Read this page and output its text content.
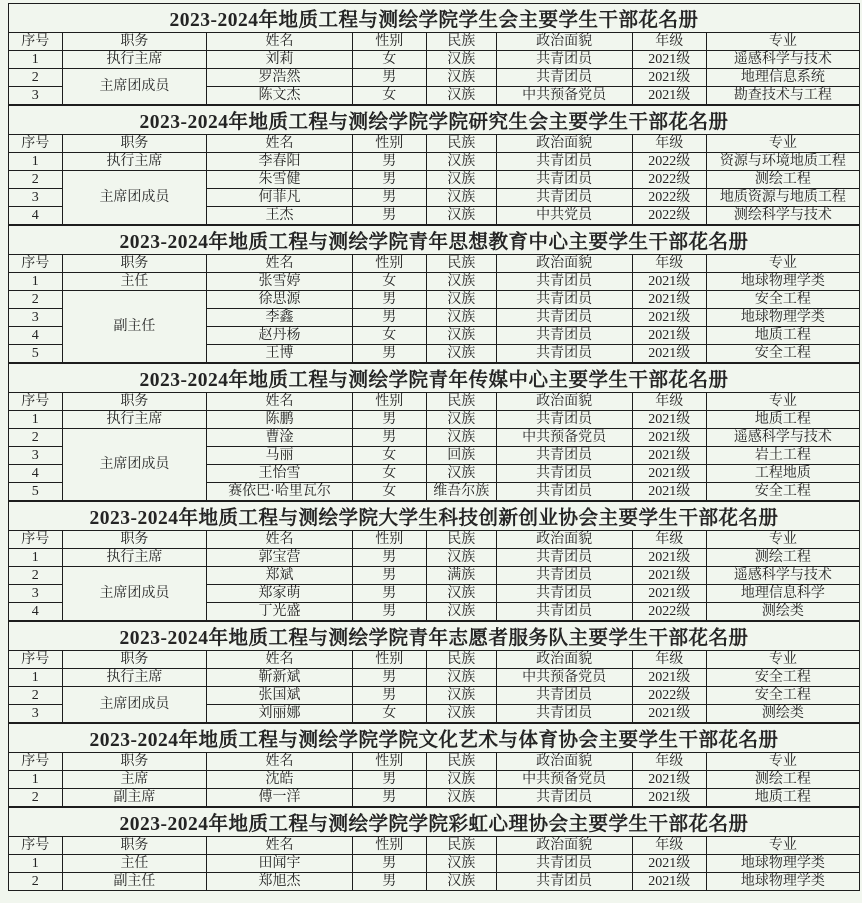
2023-2024年地质工程与测绘学院学生会主要学生干部花名册							
序号	职务	姓名	性别	民族	政治面貌	年级	专业
1	执行主席	刘莉	女	汉族	共青团员	2021级	遥感科学与技术
2	主席团成员	罗浩然	男	汉族	共青团员	2021级	地理信息系统
3		陈文杰	女	汉族	中共预备党员	2021级	勘查技术与工程
2023-2024年地质工程与测绘学院学院研究生会主要学生干部花名册							
序号	职务	姓名	性别	民族	政治面貌	年级	专业
1	执行主席	李春阳	男	汉族	共青团员	2022级	资源与环境地质工程
2	主席团成员	朱雪健	男	汉族	共青团员	2022级	测绘工程
3		何菲凡	男	汉族	共青团员	2022级	地质资源与地质工程
4		王杰	男	汉族	中共党员	2022级	测绘科学与技术
2023-2024年地质工程与测绘学院青年思想教育中心主要学生干部花名册							
序号	职务	姓名	性别	民族	政治面貌	年级	专业
1	主任	张雪婷	女	汉族	共青团员	2021级	地球物理学类
2	副主任	徐思源	男	汉族	共青团员	2021级	安全工程
3		李鑫	男	汉族	共青团员	2021级	地球物理学类
4		赵丹杨	女	汉族	共青团员	2021级	地质工程
5		王博	男	汉族	共青团员	2021级	安全工程
2023-2024年地质工程与测绘学院青年传媒中心主要学生干部花名册							
序号	职务	姓名	性别	民族	政治面貌	年级	专业
1	执行主席	陈鹏	男	汉族	共青团员	2021级	地质工程
2	主席团成员	曹淦	男	汉族	中共预备党员	2021级	遥感科学与技术
3		马丽	女	回族	共青团员	2021级	岩土工程
4		王怡雪	女	汉族	共青团员	2021级	工程地质
5		赛依巴·哈里瓦尔	女	维吾尔族	共青团员	2021级	安全工程
2023-2024年地质工程与测绘学院大学生科技创新创业协会主要学生干部花名册							
序号	职务	姓名	性别	民族	政治面貌	年级	专业
1	执行主席	郭宝营	男	汉族	共青团员	2021级	测绘工程
2	主席团成员	郑斌	男	满族	共青团员	2021级	遥感科学与技术
3		郑家萌	男	汉族	共青团员	2021级	地理信息科学
4		丁光盛	男	汉族	共青团员	2022级	测绘类
2023-2024年地质工程与测绘学院青年志愿者服务队主要学生干部花名册							
序号	职务	姓名	性别	民族	政治面貌	年级	专业
1	执行主席	靳新斌	男	汉族	中共预备党员	2021级	安全工程
2	主席团成员	张国斌	男	汉族	共青团员	2022级	安全工程
3		刘丽娜	女	汉族	共青团员	2021级	测绘类
2023-2024年地质工程与测绘学院学院文化艺术与体育协会主要学生干部花名册							
序号	职务	姓名	性别	民族	政治面貌	年级	专业
1	主席	沈皓	男	汉族	中共预备党员	2021级	测绘工程
2	副主席	傅一洋	男	汉族	共青团员	2021级	地质工程
2023-2024年地质工程与测绘学院学院彩虹心理协会主要学生干部花名册							
序号	职务	姓名	性别	民族	政治面貌	年级	专业
1	主任	田闻宇	男	汉族	共青团员	2021级	地球物理学类
2	副主任	郑旭杰	男	汉族	共青团员	2021级	地球物理学类
